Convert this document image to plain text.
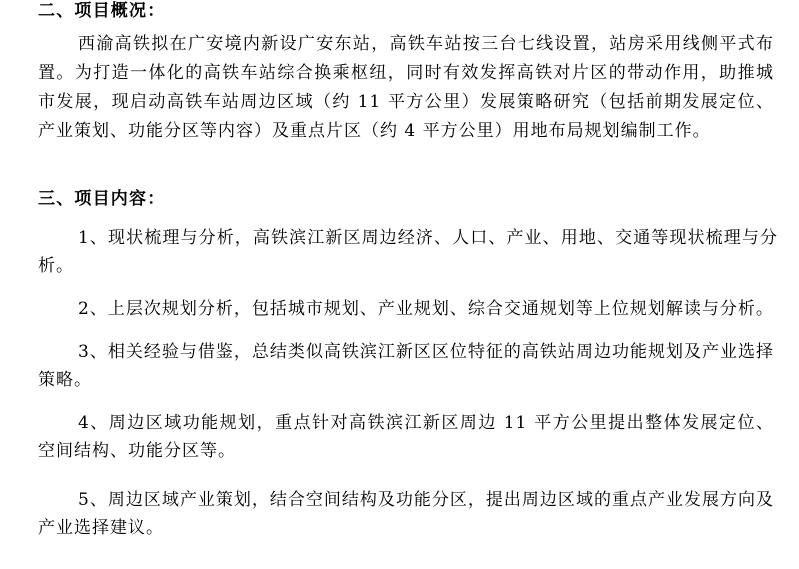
二、项目概况：
西渝高铁拟在广安境内新设广安东站，高铁车站按三台七线设置，站房采用线侧平式布置。为打造一体化的高铁车站综合换乘枢纽，同时有效发挥高铁对片区的带动作用，助推城市发展，现启动高铁车站周边区域（约 11 平方公里）发展策略研究（包括前期发展定位、产业策划、功能分区等内容）及重点片区（约 4 平方公里）用地布局规划编制工作。
三、项目内容：
1、现状梳理与分析，高铁滨江新区周边经济、人口、产业、用地、交通等现状梳理与分析。
2、上层次规划分析，包括城市规划、产业规划、综合交通规划等上位规划解读与分析。
3、相关经验与借鉴，总结类似高铁滨江新区区位特征的高铁站周边功能规划及产业选择策略。
4、周边区域功能规划，重点针对高铁滨江新区周边 11 平方公里提出整体发展定位、空间结构、功能分区等。
5、周边区域产业策划，结合空间结构及功能分区，提出周边区域的重点产业发展方向及产业选择建议。
